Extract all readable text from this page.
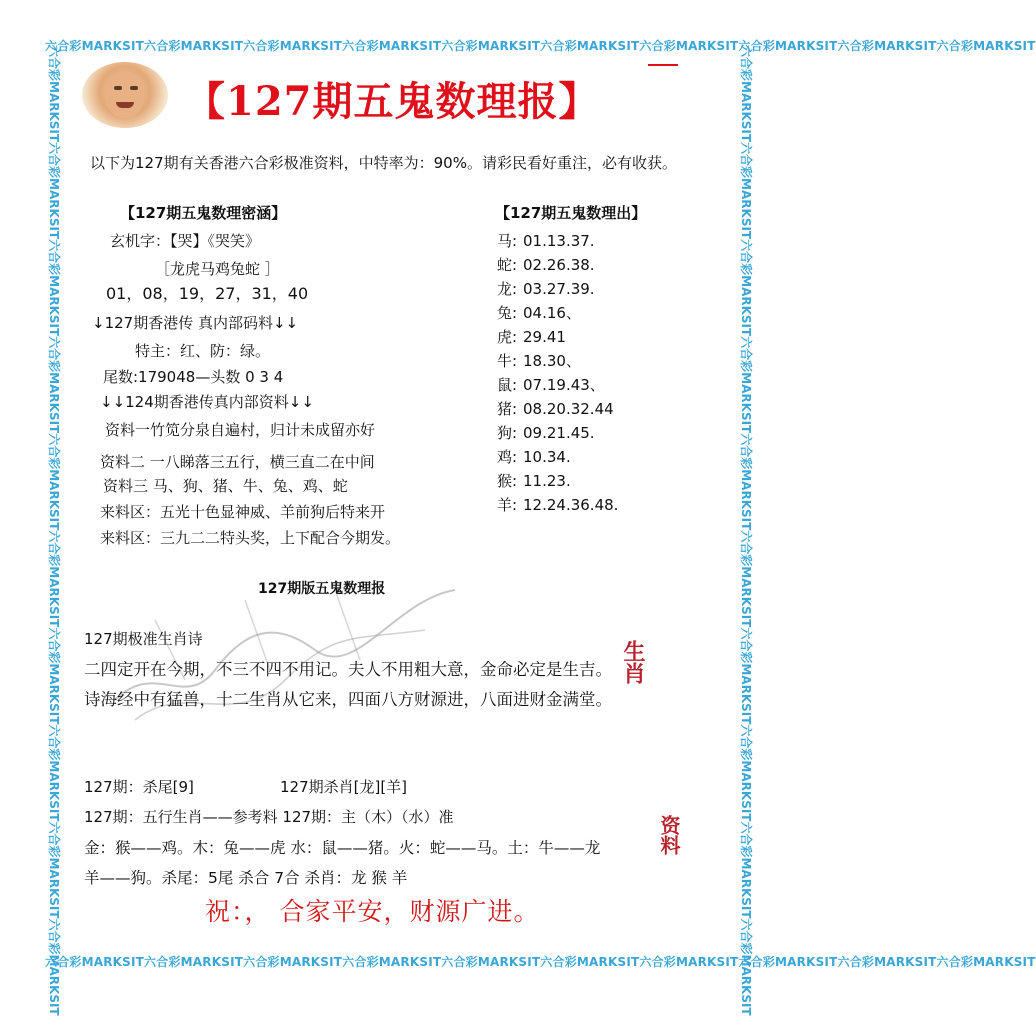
六合彩MARKSIT六合彩MARKSIT六合彩MARKSIT六合彩MARKSIT六合彩MARKSIT六合彩MARKSIT六合彩MARKSIT六合彩MARKSIT六合彩MARKSIT六合彩MARKSIT
六合彩MARKSIT六合彩MARKSIT六合彩MARKSIT六合彩MARKSIT六合彩MARKSIT六合彩MARKSIT六合彩MARKSIT六合彩MARKSIT六合彩MARKSIT六合彩MARKSIT
六合彩MARKSIT六合彩MARKSIT六合彩MARKSIT六合彩MARKSIT六合彩MARKSIT六合彩MARKSIT六合彩MARKSIT六合彩MARKSIT六合彩MARKSIT六合彩MARKSIT	六合彩MARKSIT六合彩MARKSIT六合彩MARKSIT六合彩MARKSIT六合彩MARKSIT六合彩MARKSIT六合彩MARKSIT六合彩MARKSIT六合彩MARKSIT六合彩MARKSIT
【127期五鬼数理报】
以下为127期有关香港六合彩极准资料，中特率为：90%。请彩民看好重注，必有收获。
【127期五鬼数理密涵】
玄机字：【哭】《哭笑》
［龙虎马鸡兔蛇 ］
01，08，19，27，31，40
↓127期香港传 真内部码料↓↓
特主：红、防：绿。
尾数:179048—头数 0 3 4
↓↓124期香港传真内部资料↓↓
资料一竹笕分泉自遍村，归计未成留亦好
资料二 一八睇落三五行，横三直二在中间
资料三 马、狗、猪、牛、兔、鸡、蛇
来料区：五光十色显神威、羊前狗后特来开
来料区：三九二二特头奖，上下配合今期发。
【127期五鬼数理出】
马: 01.13.37.
蛇: 02.26.38.
龙: 03.27.39.
兔: 04.16、
虎: 29.41
牛: 18.30、
鼠: 07.19.43、
猪: 08.20.32.44
狗: 09.21.45.
鸡: 10.34.
猴: 11.23.
羊: 12.24.36.48.
127期版五鬼数理报
127期极准生肖诗
二四定开在今期，不三不四不用记。夫人不用粗大意，金命必定是生吉。
诗海经中有猛兽，十二生肖从它来，四面八方财源进，八面进财金满堂。
生肖
127期：杀尾[9]	127期杀肖[龙][羊]
127期：五行生肖——参考料 127期：主（木）（水）准
金：猴——鸡。木：兔——虎 水：鼠——猪。火：蛇——马。土：牛——龙
羊——狗。杀尾：5尾 杀合 7合 杀肖：龙 猴 羊
资料
祝：， 合家平安，财源广进。
